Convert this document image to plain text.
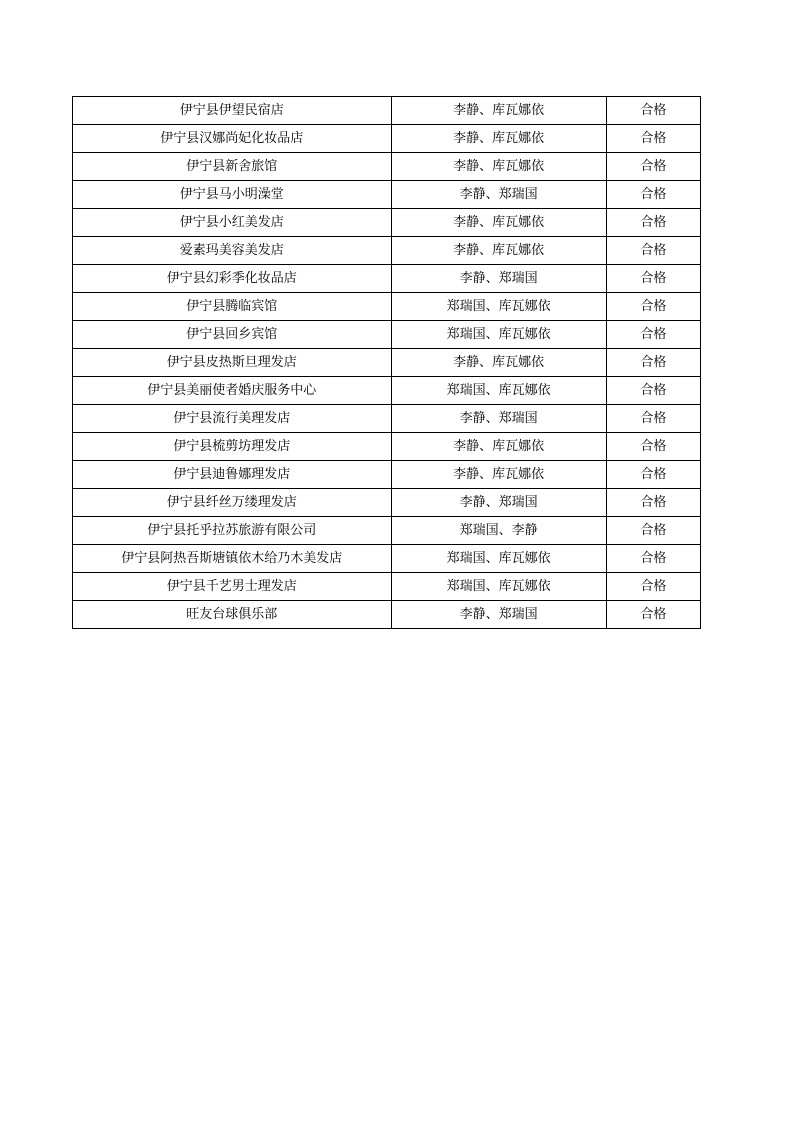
伊宁县伊望民宿店	李静、库瓦娜依	合格
伊宁县汉娜尚妃化妆品店	李静、库瓦娜依	合格
伊宁县新舍旅馆	李静、库瓦娜依	合格
伊宁县马小明澡堂	李静、郑瑞国	合格
伊宁县小红美发店	李静、库瓦娜依	合格
爱素玛美容美发店	李静、库瓦娜依	合格
伊宁县幻彩季化妆品店	李静、郑瑞国	合格
伊宁县腾临宾馆	郑瑞国、库瓦娜依	合格
伊宁县回乡宾馆	郑瑞国、库瓦娜依	合格
伊宁县皮热斯旦理发店	李静、库瓦娜依	合格
伊宁县美丽使者婚庆服务中心	郑瑞国、库瓦娜依	合格
伊宁县流行美理发店	李静、郑瑞国	合格
伊宁县梳剪坊理发店	李静、库瓦娜依	合格
伊宁县迪鲁娜理发店	李静、库瓦娜依	合格
伊宁县纤丝万缕理发店	李静、郑瑞国	合格
伊宁县托乎拉苏旅游有限公司	郑瑞国、李静	合格
伊宁县阿热吾斯塘镇依木给乃木美发店	郑瑞国、库瓦娜依	合格
伊宁县千艺男士理发店	郑瑞国、库瓦娜依	合格
旺友台球俱乐部	李静、郑瑞国	合格
